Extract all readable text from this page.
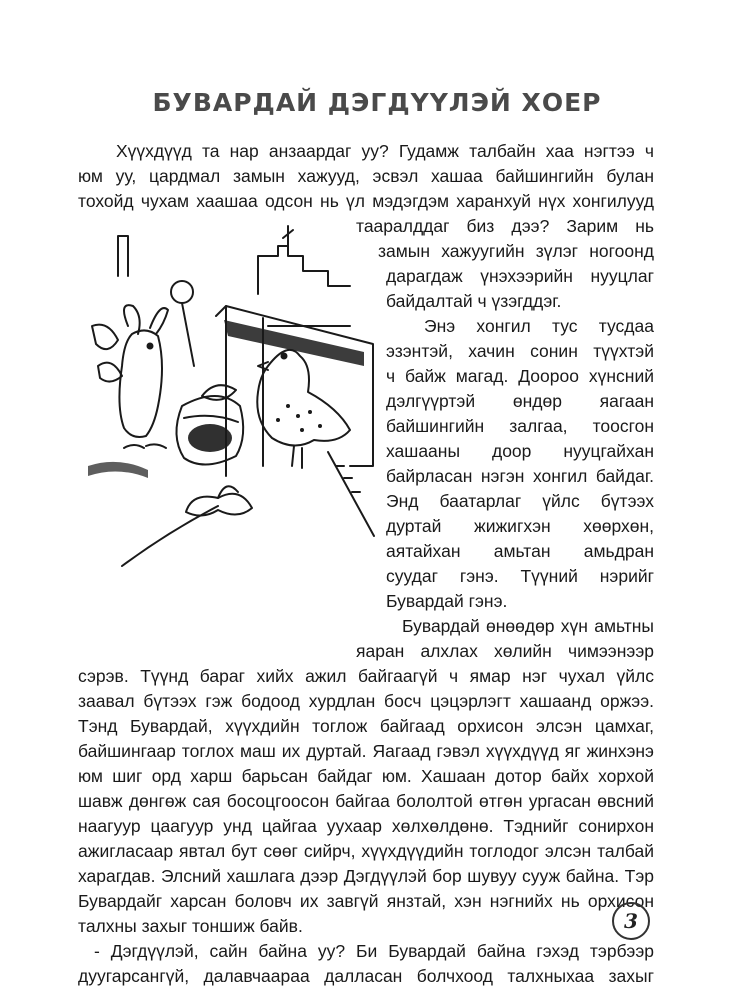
БУВАРДАЙ ДЭГДҮҮЛЭЙ ХОЕР
Хүүхдүүд та нар анзаардаг уу? Гудамж талбайн хаа нэгтээ ч
юм уу, цардмал замын хажууд, эсвэл хашаа байшингийн булан
тохойд чухам хаашаа одсон нь үл мэдэгдэм харанхуй нүх хонгилууд
тааралддаг биз дээ? Зарим нь
замын хажуугийн зүлэг ногоонд
дарагдаж үнэхээрийн нууцлаг
байдалтай ч үзэгддэг.
Энэ хонгил тус тусдаа
эзэнтэй, хачин сонин түүхтэй
ч байж магад. Доороо хүнсний
дэлгүүртэй өндөр яагаан
байшингийн залгаа, тоосгон
хашааны доор нууцгайхан
байрласан нэгэн хонгил байдаг.
Энд баатарлаг үйлс бүтээх
дуртай жижигхэн хөөрхөн,
аятайхан амьтан амьдран
суудаг гэнэ. Түүний нэрийг
Бувардай гэнэ.
Бувардай өнөөдөр хүн амьтны
яаран алхлах хөлийн чимээнээр
сэрэв. Түүнд бараг хийх ажил байгаагүй ч ямар нэг чухал үйлс
заавал бүтээх гэж бодоод хурдлан босч цэцэрлэгт хашаанд оржээ.
Тэнд Бувардай, хүүхдийн тоглож байгаад орхисон элсэн цамхаг,
байшингаар тоглох маш их дуртай. Яагаад гэвэл хүүхдүүд яг жинхэнэ
юм шиг орд харш барьсан байдаг юм. Хашаан дотор байх хорхой
шавж дөнгөж сая босоцгоосон байгаа бололтой өтгөн ургасан өвсний
наагуур цаагуур унд цайгаа уухаар хөлхөлдөнө. Тэднийг сонирхон
ажигласаар явтал бут сөөг сийрч, хүүхдүүдийн тоглодог элсэн талбай
харагдав. Элсний хашлага дээр Дэгдүүлэй бор шувуу сууж байна. Тэр
Бувардайг харсан боловч их завгүй янзтай, хэн нэгнийх нь орхисон
талхны захыг тоншиж байв.
- Дэгдүүлэй, сайн байна уу? Би Бувардай байна гэхэд тэрбээр
дуугарсангүй, далавчаараа далласан болчхоод талхныхаа захыг
3
